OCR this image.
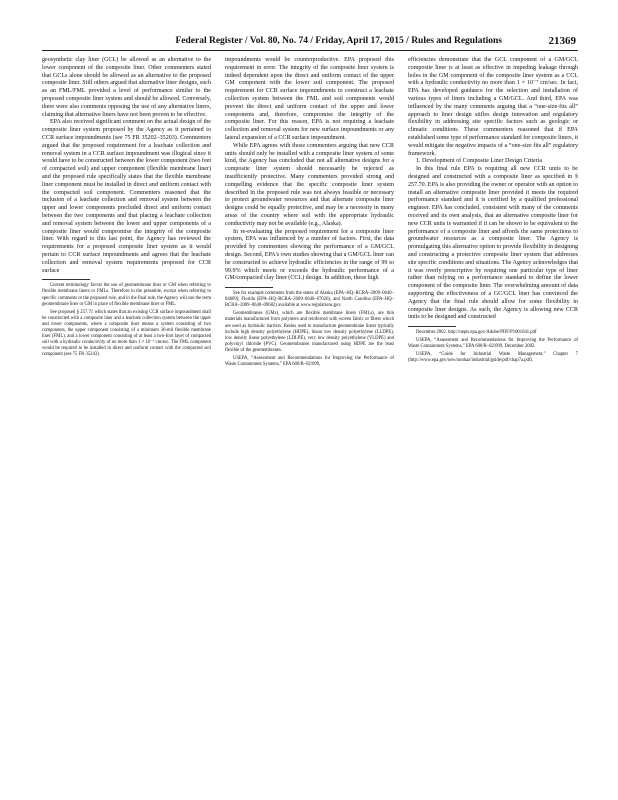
Federal Register / Vol. 80, No. 74 / Friday, April 17, 2015 / Rules and Regulations	21369

geosynthetic clay liner (GCL) be allowed as an alternative to the lower component of the composite liner. Other commenters stated that GCLs alone should be allowed as an alternative to the proposed composite liner. Still others argued that alternative liner designs, such as an FML/FML provided a level of performance similar to the proposed composite liner system and should be allowed. Conversely, there were also comments opposing the use of any alternative liners, claiming that alternative liners have not been proven to be effective.

EPA also received significant comment on the actual design of the composite liner system proposed by the Agency as it pertained to CCR surface impoundments (see 75 FR 35202–35203). Commenters argued that the proposed requirement for a leachate collection and removal system in a CCR surface impoundment was illogical since it would have to be constructed between the lower component (two feet of compacted soil) and upper component (flexible membrane liner) and the proposed rule specifically states that the flexible membrane liner component must be installed in direct and uniform contact with the compacted soil component. Commenters reasoned that the inclusion of a leachate collection and removal system between the upper and lower components precluded direct and uniform contact between the two components and that placing a leachate collection and removal system between the lower and upper components of a composite liner would compromise the integrity of the composite liner. With regard to this last point, the Agency has reviewed the requirements for a proposed composite liner system as it would pertain to CCR surface impoundments and agrees that the leachate collection and removal system requirements proposed for CCR surface

Current terminology favors the use of geomembrane liner or GM when referring to flexible membrane liners or FMLs. Therefore in the preamble, except when referring to specific comments or the proposed rule, and in the final rule, the Agency will use the term geomembrane liner or GM in place of flexible membrane liner or FML.

See proposed § 257.71 which states that an existing CCR surface impoundment shall be constructed with a composite liner and a leachate collection system between the upper and lower components, where a composite liner means a system consisting of two components, the upper component consisting of a minimum 30-mil flexible membrane liner (FML), and a lower component consisting of at least a two-foot layer of compacted soil with a hydraulic conductivity of no more than 1 × 10⁻⁷ cm/sec. The FML component would be required to be installed in direct and uniform contact with the compacted soil component (see 75 FR 35243).

impoundments would be counterproductive. EPA proposed this requirement in error. The integrity of the composite liner system is indeed dependent upon the direct and uniform contact of the upper GM component with the lower soil component. The proposed requirement for CCR surface impoundments to construct a leachate collection system between the FML and soil components would prevent the direct and uniform contact of the upper and lower components and, therefore, compromise the integrity of the composite liner. For this reason, EPA is not requiring a leachate collection and removal system for new surface impoundments or any lateral expansion of a CCR surface impoundment.

While EPA agrees with those commenters arguing that new CCR units should only be installed with a composite liner system of some kind, the Agency has concluded that not all alternative designs for a composite liner system should necessarily be rejected as insufficiently protective. Many commenters provided strong and compelling evidence that the specific composite liner system described in the proposed rule was not always feasible or necessary to protect groundwater resources and that alternate composite liner designs could be equally protective, and may be a necessity in many areas of the country where soil with the appropriate hydraulic conductivity may not be available (e.g., Alaska).

In re-evaluating the proposed requirement for a composite liner system, EPA was influenced by a number of factors. First, the data provided by commenters showing the performance of a GM/GCL design. Second, EPA's own studies showing that a GM/GCL liner can be constructed to achieve hydraulic efficiencies in the range of 99 to 99.9% which meets or exceeds the hydraulic performance of a GM/compacted clay liner (CCL) design. In addition, these high

See for example comments from the states of Alaska (EPA–HQ–RCRA–2009–0640–04609), Florida (EPA–HQ–RCRA–2009–0640–07026), and North Carolina (EPA–HQ–RCRA–2009–0640–09682) available at www.regulations.gov.

Geomembranes (GMs), which are flexible membrane liners (FMLs), are thin materials manufactured from polymers and reinforced with woven fabric or fibers which are used as hydraulic barriers. Resins used to manufacture geomembrane liners typically include high density polyethylene (HDPE), linear low density polyethylene (LLDPE), low density linear polyethylene (LDLPE), very low density polyethylene (VLDPE) and polyvinyl chloride (PVC). Geomembranes manufactured using HDPE are the least flexible of the geomembranes.

USEPA, “Assessment and Recommendations for Improving the Performance of Waste Containment Systems,” EPA 600/R–02/099,

efficiencies demonstrate that the GCL component of a GM/GCL composite liner is at least as effective in impeding leakage through holes in the GM component of the composite liner system as a CCL with a hydraulic conductivity no more than 1 × 10⁻⁷ cm/sec. In fact, EPA has developed guidance for the selection and installation of various types of liners including a GM/GCL. And third, EPA was influenced by the many comments arguing that a “one-size-fits all” approach to liner design stifles design innovation and regulatory flexibility in addressing site specific factors such as geologic or climatic conditions. These commenters reasoned that if EPA established some type of performance standard for composite liners, it would mitigate the negative impacts of a “one-size fits all” regulatory framework.

1. Development of Composite Liner Design Criteria

In this final rule EPA is requiring all new CCR units to be designed and constructed with a composite liner as specified in § 257.70. EPA is also providing the owner or operator with an option to install an alternative composite liner provided it meets the required performance standard and it is certified by a qualified professional engineer. EPA has concluded, consistent with many of the comments received and its own analysis, that an alternative composite liner for new CCR units is warranted if it can be shown to be equivalent to the performance of a composite liner and affords the same protections to groundwater resources as a composite liner. The Agency is promulgating this alternative option to provide flexibility in designing and constructing a protective composite liner system that addresses site specific conditions and situations. The Agency acknowledges that it was overly prescriptive by requiring one particular type of liner rather than relying on a performance standard to define the lower component of the composite liner. The overwhelming amount of data supporting the effectiveness of a GC/GCL liner has convinced the Agency that the final rule should allow for some flexibility in composite liner designs. As such, the Agency is allowing new CCR units to be designed and constructed

December 2002. http://nepis.epa.gov/Adobe/PDF/P1001041.pdf

USEPA, “Assessment and Recommendations for Improving the Performance of Waste Containment Systems,” EPA 600/R–02/099, December 2002.

USEPA, “Guide for Industrial Waste Management,” Chapter 7 (http://www.epa.gov/osw/nonhaz/industrial/guide/pdf/chap7a.pdf).
